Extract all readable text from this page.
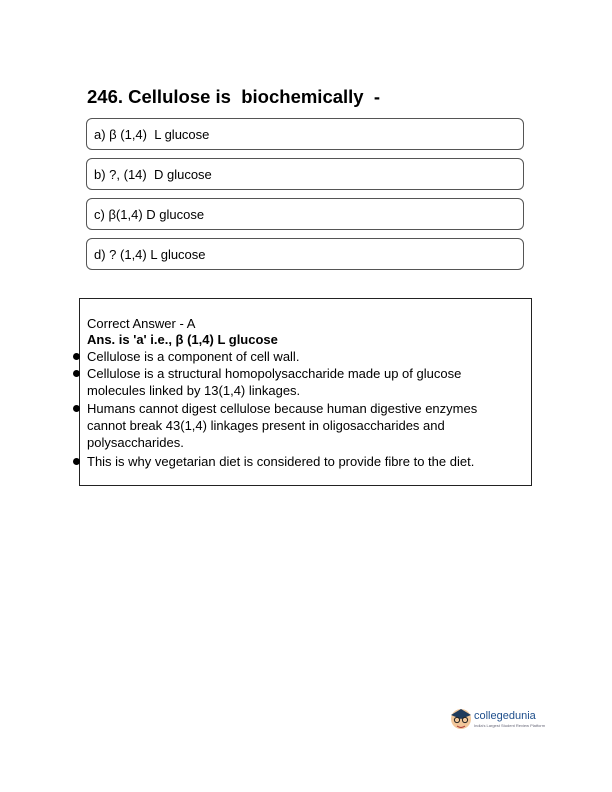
246. Cellulose is  biochemically  -
a) β (1,4)  L glucose
b) ?, (14)  D glucose
c) β(1,4) D glucose
d) ? (1,4) L glucose
Correct Answer - A
Ans. is 'a' i.e., β (1,4) L glucose
Cellulose is a component of cell wall.
Cellulose is a structural homopolysaccharide made up of glucose
molecules linked by 13(1,4) linkages.
Humans cannot digest cellulose because human digestive enzymes
cannot break 43(1,4) linkages present in oligosaccharides and
polysaccharides.
This is why vegetarian diet is considered to provide fibre to the diet.
collegedunia
India's Largest Student Review Platform
